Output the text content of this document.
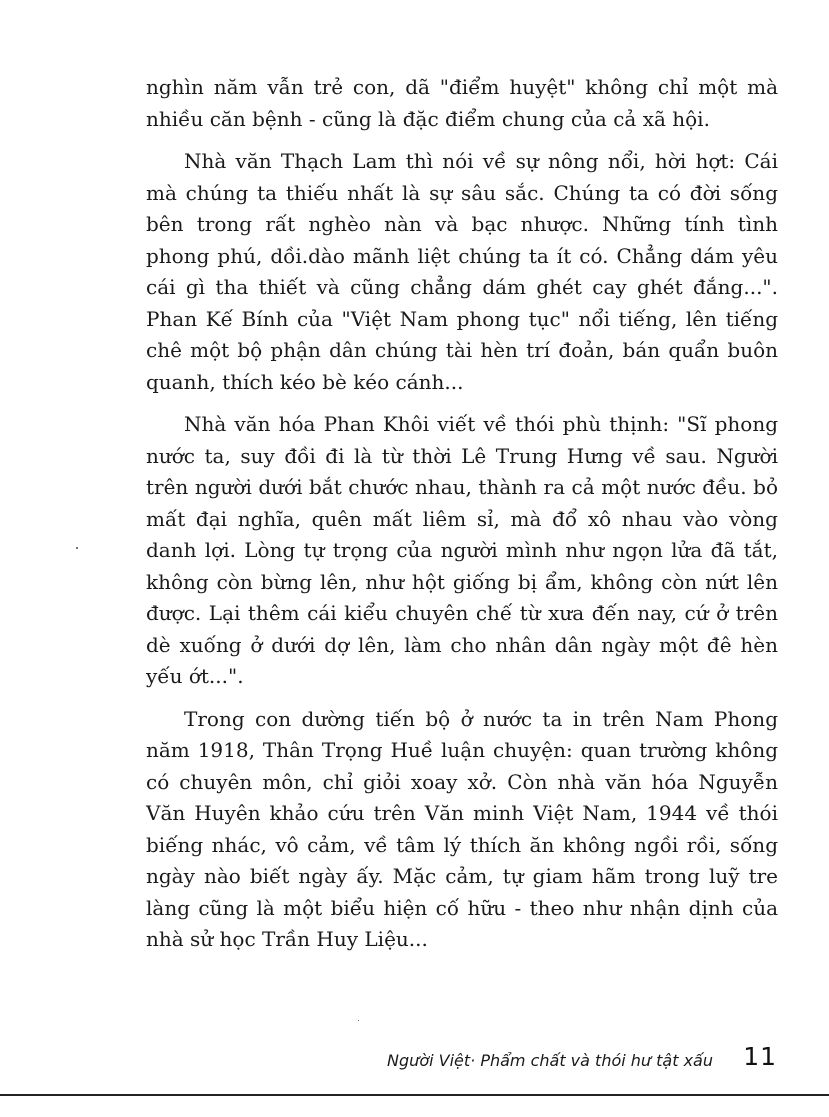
nghìn năm vẫn trẻ con, dã "điểm huyệt" không chỉ một mà nhiều căn bệnh - cũng là đặc điểm chung của cả xã hội.

Nhà văn Thạch Lam thì nói về sự nông nổi, hời hợt: Cái mà chúng ta thiếu nhất là sự sâu sắc. Chúng ta có đời sống bên trong rất nghèo nàn và bạc nhược. Những tính tình phong phú, dồi.dào mãnh liệt chúng ta ít có. Chẳng dám yêu cái gì tha thiết và cũng chẳng dám ghét cay ghét đắng...". Phan Kế Bính của "Việt Nam phong tục" nổi tiếng, lên tiếng chê một bộ phận dân chúng tài hèn trí đoản, bán quẩn buôn quanh, thích kéo bè kéo cánh...

Nhà văn hóa Phan Khôi viết về thói phù thịnh: "Sĩ phong nước ta, suy đồi đi là từ thời Lê Trung Hưng về sau. Người trên người dưới bắt chước nhau, thành ra cả một nước đều. bỏ mất đại nghĩa, quên mất liêm sỉ, mà đổ xô nhau vào vòng danh lợi. Lòng tự trọng của người mình như ngọn lửa đã tắt, không còn bừng lên, như hột giống bị ẩm, không còn nứt lên được. Lại thêm cái kiểu chuyên chế từ xưa đến nay, cứ ở trên dè xuống ở dưới dợ lên, làm cho nhân dân ngày một đê hèn yếu ớt...".

Trong con dường tiến bộ ở nước ta in trên Nam Phong năm 1918, Thân Trọng Huề luận chuyện: quan trường không có chuyên môn, chỉ giỏi xoay xở. Còn nhà văn hóa Nguyễn Văn Huyên khảo cứu trên Văn minh Việt Nam, 1944 về thói biếng nhác, vô cảm, về tâm lý thích ăn không ngồi rồi, sống ngày nào biết ngày ấy. Mặc cảm, tự giam hãm trong luỹ tre làng cũng là một biểu hiện cố hữu - theo như nhận dịnh của nhà sử học Trần Huy Liệu...

Người Việt· Phẩm chất và thói hư tật xấu 11
